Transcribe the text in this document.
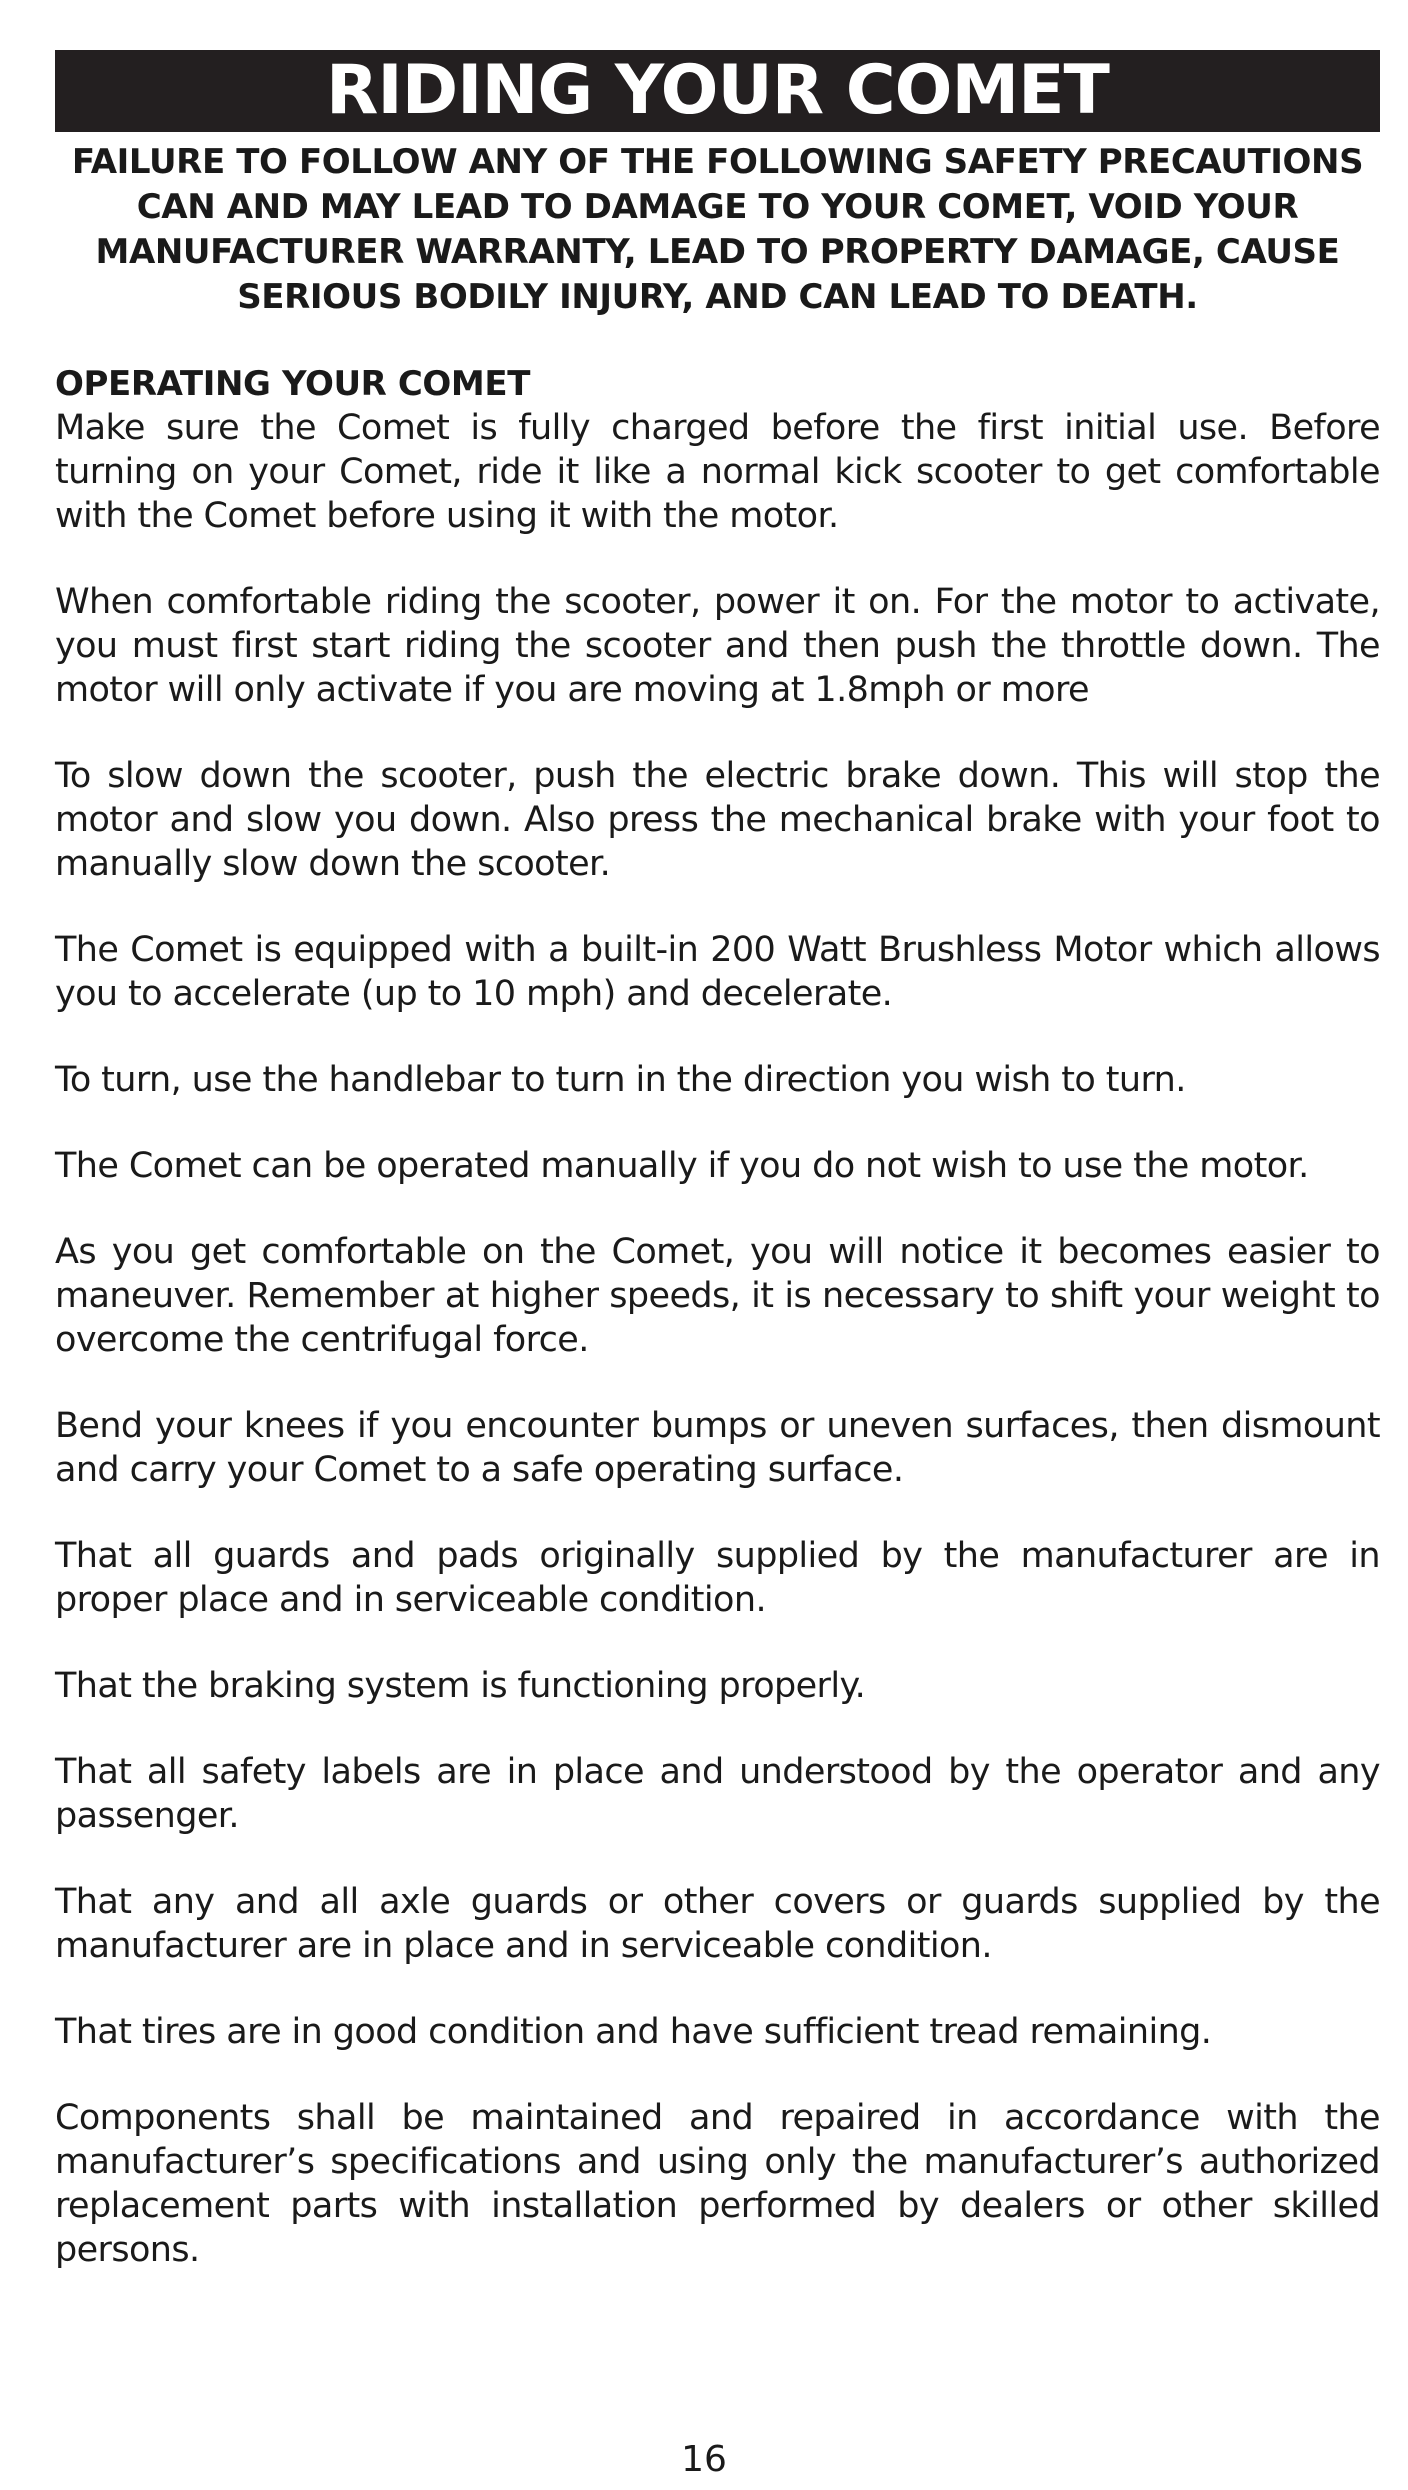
RIDING YOUR COMET
FAILURE TO FOLLOW ANY OF THE FOLLOWING SAFETY PRECAUTIONS CAN AND MAY LEAD TO DAMAGE TO YOUR COMET, VOID YOUR MANUFACTURER WARRANTY, LEAD TO PROPERTY DAMAGE, CAUSE SERIOUS BODILY INJURY, AND CAN LEAD TO DEATH.
OPERATING YOUR COMET

Make sure the Comet is fully charged before the first initial use. Before turning on your Comet, ride it like a normal kick scooter to get comfortable with the Comet before using it with the motor.

When comfortable riding the scooter, power it on. For the motor to activate, you must first start riding the scooter and then push the throttle down. The motor will only activate if you are moving at 1.8mph or more

To slow down the scooter, push the electric brake down. This will stop the motor and slow you down. Also press the mechanical brake with your foot to manually slow down the scooter.

The Comet is equipped with a built-in 200 Watt Brushless Motor which allows you to accelerate (up to 10 mph) and decelerate.

To turn, use the handlebar to turn in the direction you wish to turn.

The Comet can be operated manually if you do not wish to use the motor.

As you get comfortable on the Comet, you will notice it becomes easier to maneuver. Remember at higher speeds, it is necessary to shift your weight to overcome the centrifugal force.

Bend your knees if you encounter bumps or uneven surfaces, then dismount and carry your Comet to a safe operating surface.

That all guards and pads originally supplied by the manufacturer are in proper place and in serviceable condition.

That the braking system is functioning properly.

That all safety labels are in place and understood by the operator and any passenger.

That any and all axle guards or other covers or guards supplied by the manufacturer are in place and in serviceable condition.

That tires are in good condition and have sufficient tread remaining.

Components shall be maintained and repaired in accordance with the manufacturer’s specifications and using only the manufacturer’s authorized replacement parts with installation performed by dealers or other skilled persons.

16
